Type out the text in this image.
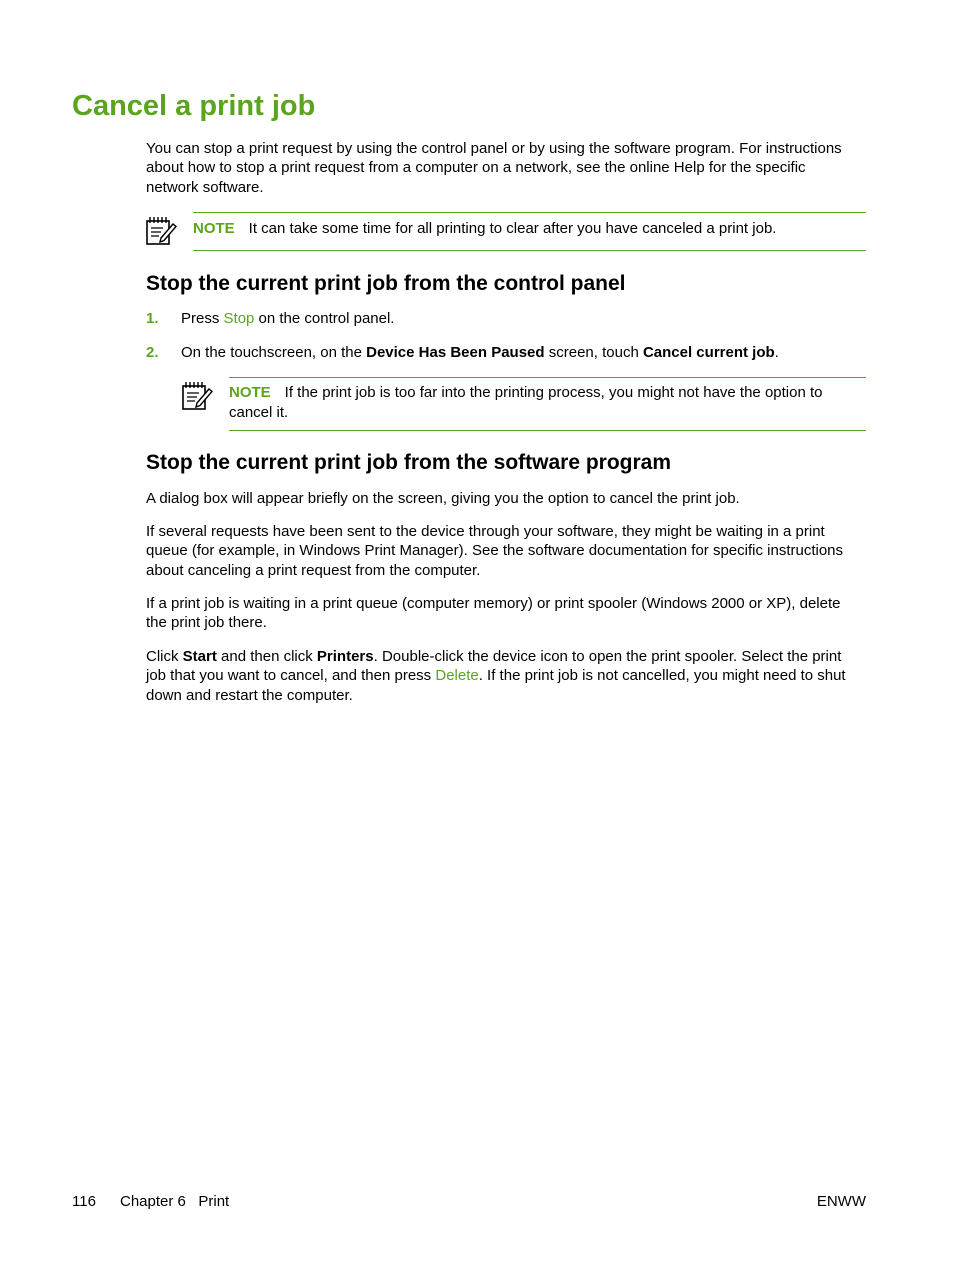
Cancel a print job

You can stop a print request by using the control panel or by using the software program. For instructions about how to stop a print request from a computer on a network, see the online Help for the specific network software.

NOTE It can take some time for all printing to clear after you have canceled a print job.
Stop the current print job from the control panel
1. Press Stop on the control panel.
2. On the touchscreen, on the Device Has Been Paused screen, touch Cancel current job.
NOTE If the print job is too far into the printing process, you might not have the option to cancel it.
Stop the current print job from the software program

A dialog box will appear briefly on the screen, giving you the option to cancel the print job.

If several requests have been sent to the device through your software, they might be waiting in a print queue (for example, in Windows Print Manager). See the software documentation for specific instructions about canceling a print request from the computer.

If a print job is waiting in a print queue (computer memory) or print spooler (Windows 2000 or XP), delete the print job there.

Click Start and then click Printers. Double-click the device icon to open the print spooler. Select the print job that you want to cancel, and then press Delete. If the print job is not cancelled, you might need to shut down and restart the computer.

116 Chapter 6   Print	ENWW
